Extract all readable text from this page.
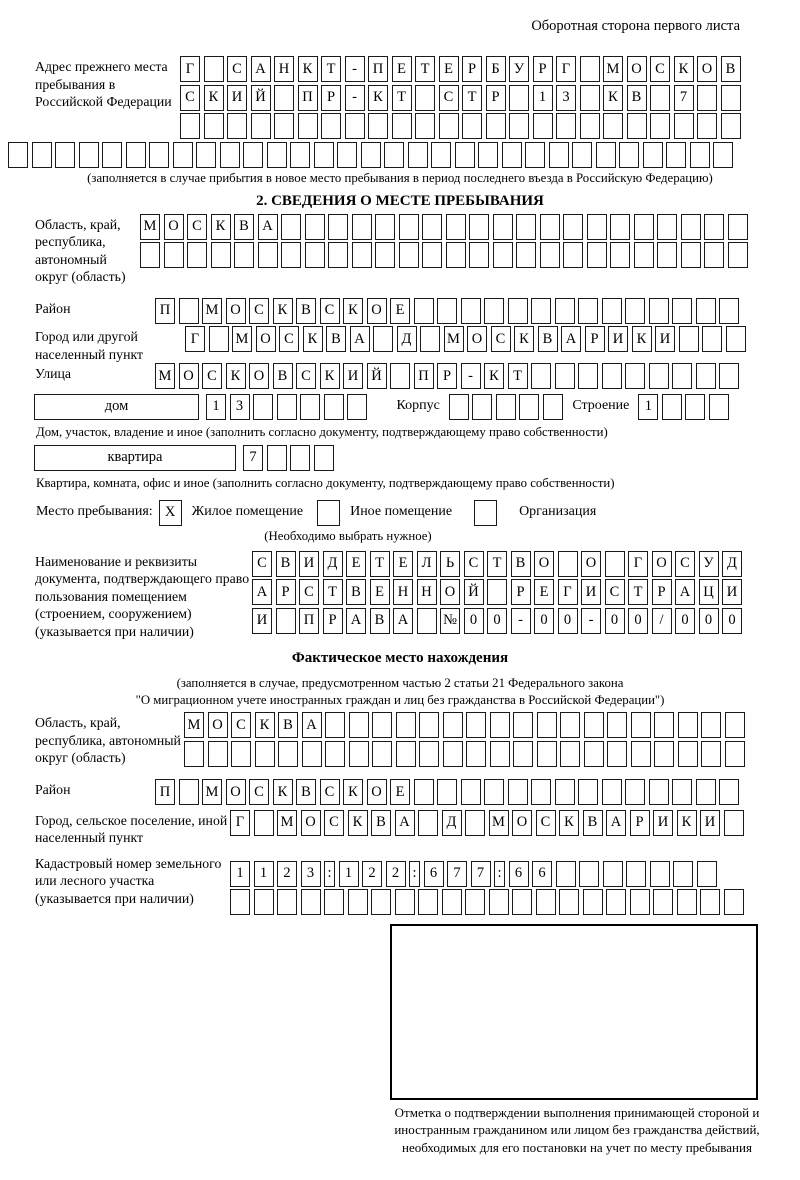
Оборотная сторона первого листа
Адрес прежнего места пребывания в Российской Федерации
Г	С А Н К Т	-	П Е	Т	Е	Р	Б У Р	Г	М О С К О В
С К И Й	П Р	-	К Т	С Т	Р	1	3	К В	7
(заполняется в случае прибытия в новое место пребывания в период последнего въезда в Российскую Федерацию)
2. СВЕДЕНИЯ О МЕСТЕ ПРЕБЫВАНИЯ
Область, край, республика, автономный округ (область)
М О С К В А
Район	П	М О С К В С К О Е
Город или другой населенный пункт
Г	М О С К В А	Д	М О С К В А Р И К И
Улица	М О С К О В С К И Й	П Р	-	К Т
дом	1	3	Корпус	Строение	1
Дом, участок, владение и иное (заполнить согласно документу, подтверждающему право собственности)
квартира	7
Квартира, комната, офис и иное (заполнить согласно документу, подтверждающему право собственности)
Место пребывания: X	Жилое помещение	Иное помещение	Организация
(Необходимо выбрать нужное)
Наименование и реквизиты документа, подтверждающего право пользования помещением (строением, сооружением) (указывается при наличии)
С В И Д Е	Т	Е Л Ь	С Т В О	О	Г О С У Д
А Р	С Т В Е Н Н О Й	Р	Е	Г И С Т	Р А Ц И
И	П Р А В А	№ 0	0	-	0	0	-	0	0	/	0	0	0
Фактическое место нахождения
(заполняется в случае, предусмотренном частью 2 статьи 21 Федерального закона
"О миграционном учете иностранных граждан и лиц без гражданства в Российской Федерации")
Область, край, республика, автономный округ (область)
М О С К В А
Район	П	М О С К В С К О Е
Город, сельское поселение, иной населенный пункт
Г	М О С К В А	Д	М О С К В А Р И К И
Кадастровый номер земельного или лесного участка (указывается при наличии)
1	1	2	3 : 1	2	2 : 6	7	7 : 6	6
Отметка о подтверждении выполнения принимающей стороной и иностранным гражданином или лицом без гражданства действий, необходимых для его постановки на учет по месту пребывания
